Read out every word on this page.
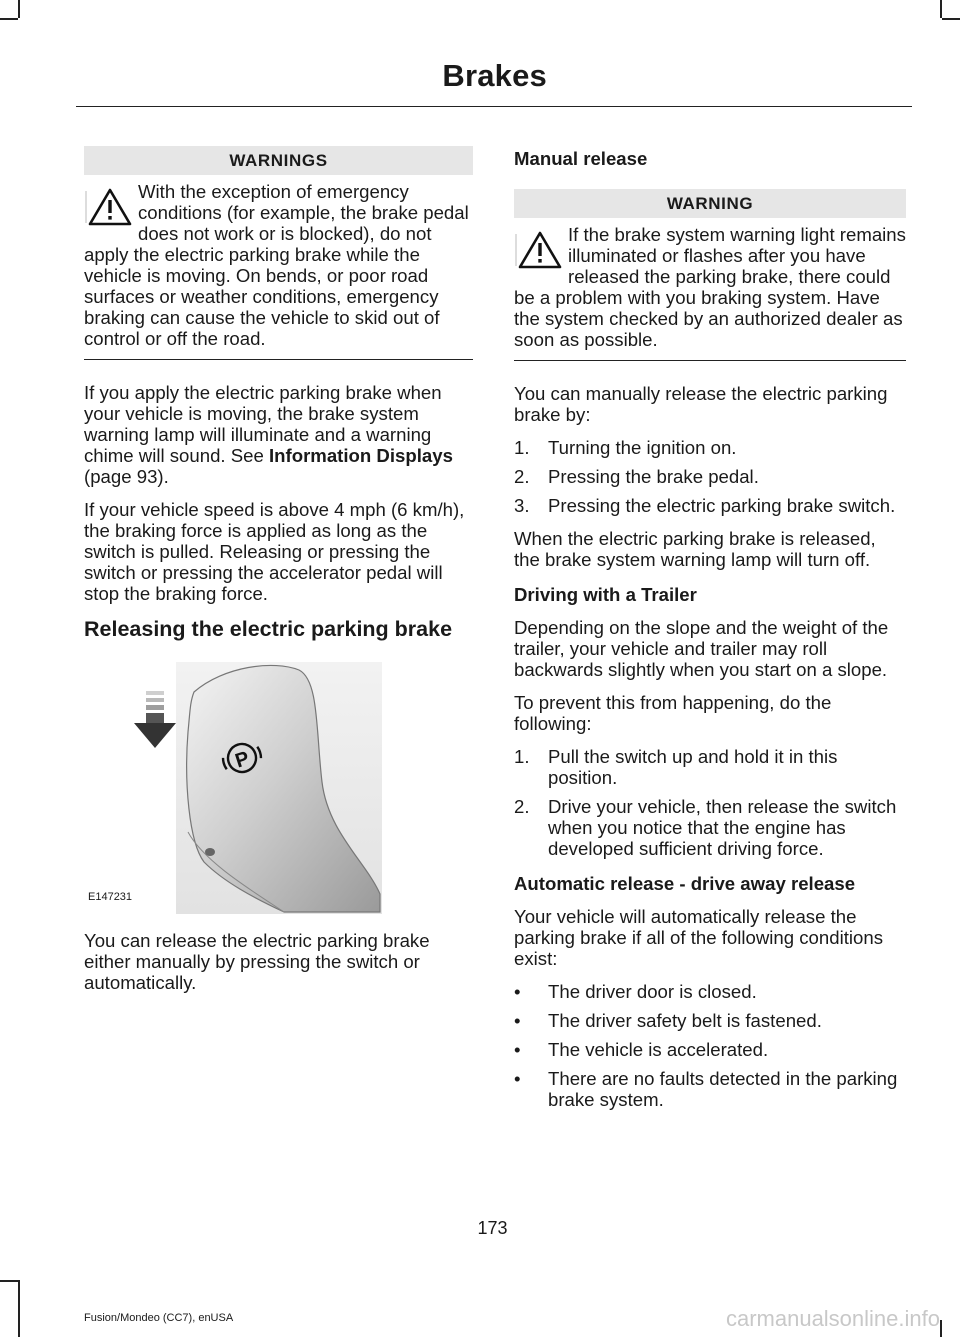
Brakes
WARNINGS
With the exception of emergency conditions (for example, the brake pedal does not work or is blocked), do not apply the electric parking brake while the vehicle is moving. On bends, or poor road surfaces or weather conditions, emergency braking can cause the vehicle to skid out of control or off the road.

If you apply the electric parking brake when your vehicle is moving, the brake system warning lamp will illuminate and a warning chime will sound. See Information Displays (page 93).

If your vehicle speed is above 4 mph (6 km/h), the braking force is applied as long as the switch is pulled. Releasing or pressing the switch or pressing the accelerator pedal will stop the braking force.

Releasing the electric parking brake
P
E147231

You can release the electric parking brake either manually by pressing the switch or automatically.

Manual release
WARNING
If the brake system warning light remains illuminated or flashes after you have released the parking brake, there could be a problem with you braking system. Have the system checked by an authorized dealer as soon as possible.

You can manually release the electric parking brake by:

1. Turning the ignition on.
2. Pressing the brake pedal.
3. Pressing the electric parking brake switch.

When the electric parking brake is released, the brake system warning lamp will turn off.

Driving with a Trailer

Depending on the slope and the weight of the trailer, your vehicle and trailer may roll backwards slightly when you start on a slope.

To prevent this from happening, do the following:

1. Pull the switch up and hold it in this position.
2. Drive your vehicle, then release the switch when you notice that the engine has developed sufficient driving force.
Automatic release - drive away release

Your vehicle will automatically release the parking brake if all of the following conditions exist:

• The driver door is closed.
• The driver safety belt is fastened.
• The vehicle is accelerated.
• There are no faults detected in the parking brake system.
173
Fusion/Mondeo (CC7), enUSA	carmanualsonline.info
